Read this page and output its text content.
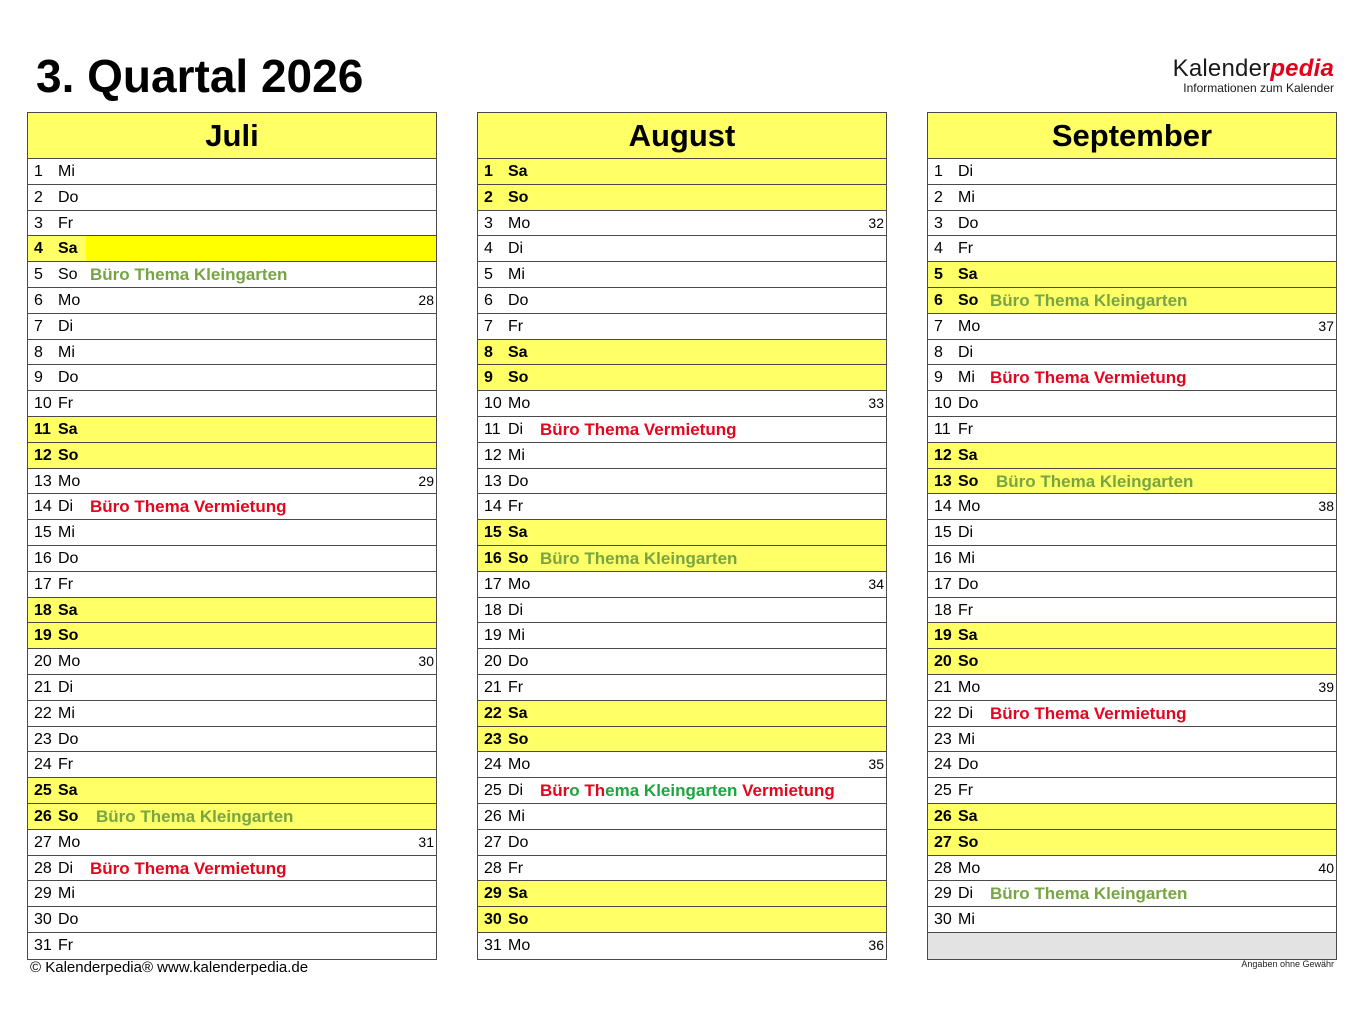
3. Quartal 2026	Kalenderpedia
Informationen zum Kalender
Juli
1 Mi
2 Do
3 Fr
4 Sa
5 So Büro Thema Kleingarten
6 Mo	28
7 Di
8 Mi
9 Do
10 Fr
11 Sa
12 So
13 Mo	29
14 Di Büro Thema Vermietung
15 Mi
16 Do
17 Fr
18 Sa
19 So
20 Mo	30
21 Di
22 Mi
23 Do
24 Fr
25 Sa
26 So Büro Thema Kleingarten
27 Mo	31
28 Di Büro Thema Vermietung
29 Mi
30 Do
31 Fr
August
1 Sa
2 So
3 Mo	32
4 Di
5 Mi
6 Do
7 Fr
8 Sa
9 So
10 Mo	33
11 Di Büro Thema Vermietung
12 Mi
13 Do
14 Fr
15 Sa
16 So Büro Thema Kleingarten
17 Mo	34
18 Di
19 Mi
20 Do
21 Fr
22 Sa
23 So
24 Mo	35
25 Di Büro Thema Kleingarten Vermietung
26 Mi
27 Do
28 Fr
29 Sa
30 So
31 Mo	36
September
1 Di
2 Mi
3 Do
4 Fr
5 Sa
6 So Büro Thema Kleingarten
7 Mo	37
8 Di
9 Mi Büro Thema Vermietung
10 Do
11 Fr
12 Sa
13 So Büro Thema Kleingarten
14 Mo	38
15 Di
16 Mi
17 Do
18 Fr
19 Sa
20 So
21 Mo	39
22 Di Büro Thema Vermietung
23 Mi
24 Do
25 Fr
26 Sa
27 So
28 Mo	40
29 Di Büro Thema Kleingarten
30 Mi
© Kalenderpedia® www.kalenderpedia.de	Angaben ohne Gewähr
